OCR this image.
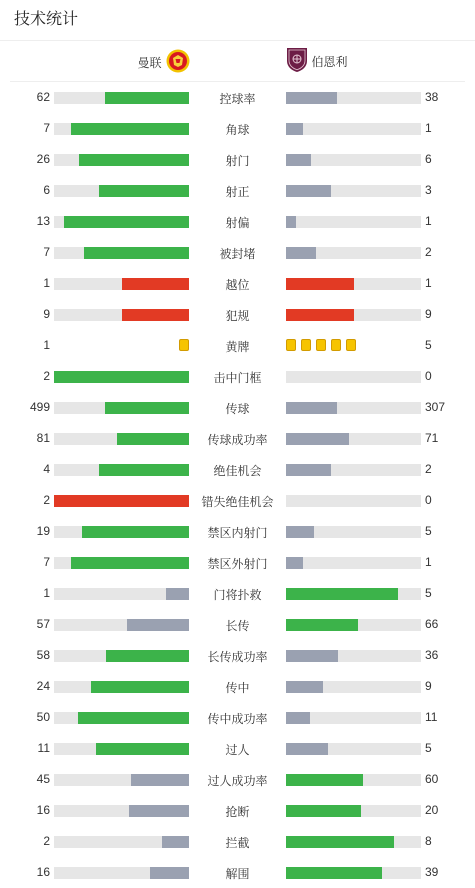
技术统计
曼联	伯恩利
62	控球率	38
7	角球	1
26	射门	6
6	射正	3
13	射偏	1
7	被封堵	2
1	越位	1
9	犯规	9
1	黄牌	5
2	击中门框	0
499	传球	307
81	传球成功率	71
4	绝佳机会	2
2	错失绝佳机会	0
19	禁区内射门	5
7	禁区外射门	1
1	门将扑救	5
57	长传	66
58	长传成功率	36
24	传中	9
50	传中成功率	11
11	过人	5
45	过人成功率	60
16	抢断	20
2	拦截	8
16	解围	39
